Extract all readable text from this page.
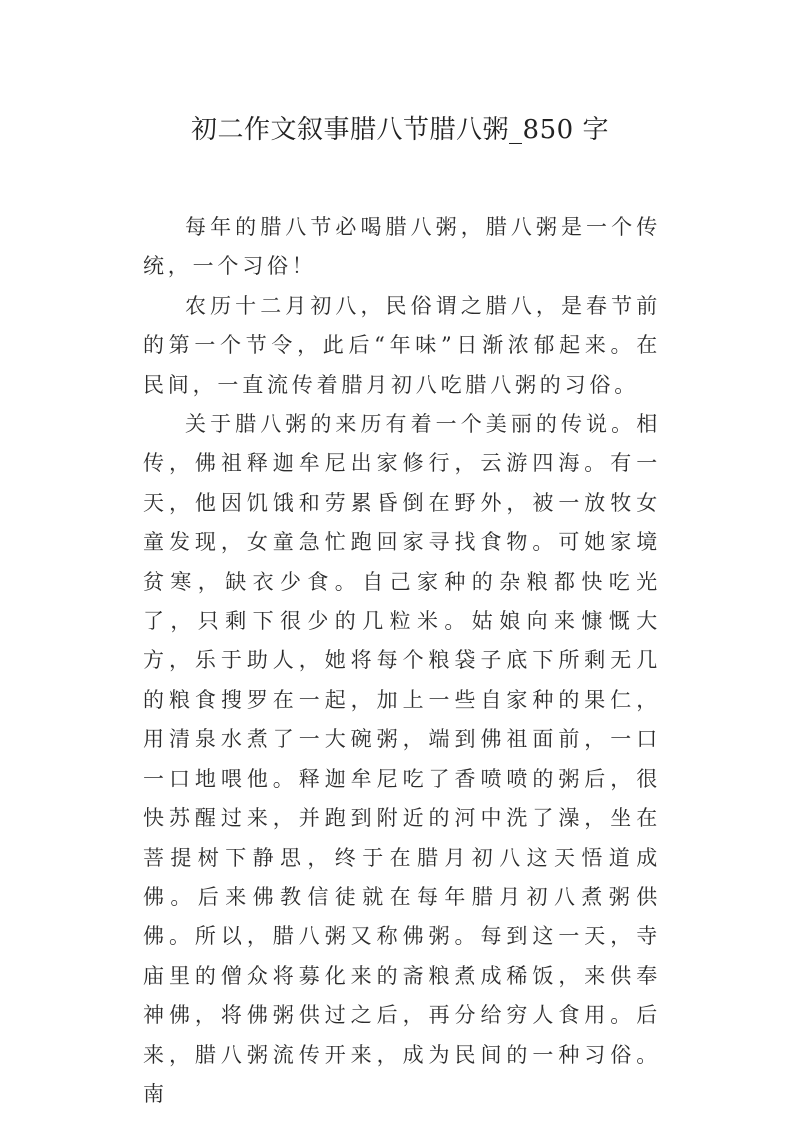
初二作文叙事腊八节腊八粥_850 字

每年的腊八节必喝腊八粥，腊八粥是一个传统，一个习俗！

农历十二月初八，民俗谓之腊八，是春节前的第一个节令，此后“年味”日渐浓郁起来。在民间，一直流传着腊月初八吃腊八粥的习俗。

关于腊八粥的来历有着一个美丽的传说。相传，佛祖释迦牟尼出家修行，云游四海。有一天，他因饥饿和劳累昏倒在野外，被一放牧女童发现，女童急忙跑回家寻找食物。可她家境贫寒，缺衣少食。自己家种的杂粮都快吃光了，只剩下很少的几粒米。姑娘向来慷慨大方，乐于助人，她将每个粮袋子底下所剩无几的粮食搜罗在一起，加上一些自家种的果仁，用清泉水煮了一大碗粥，端到佛祖面前，一口一口地喂他。释迦牟尼吃了香喷喷的粥后，很快苏醒过来，并跑到附近的河中洗了澡，坐在菩提树下静思，终于在腊月初八这天悟道成佛。后来佛教信徒就在每年腊月初八煮粥供佛。所以，腊八粥又称佛粥。每到这一天，寺庙里的僧众将募化来的斋粮煮成稀饭，来供奉神佛，将佛粥供过之后，再分给穷人食用。后来，腊八粥流传开来，成为民间的一种习俗。南
